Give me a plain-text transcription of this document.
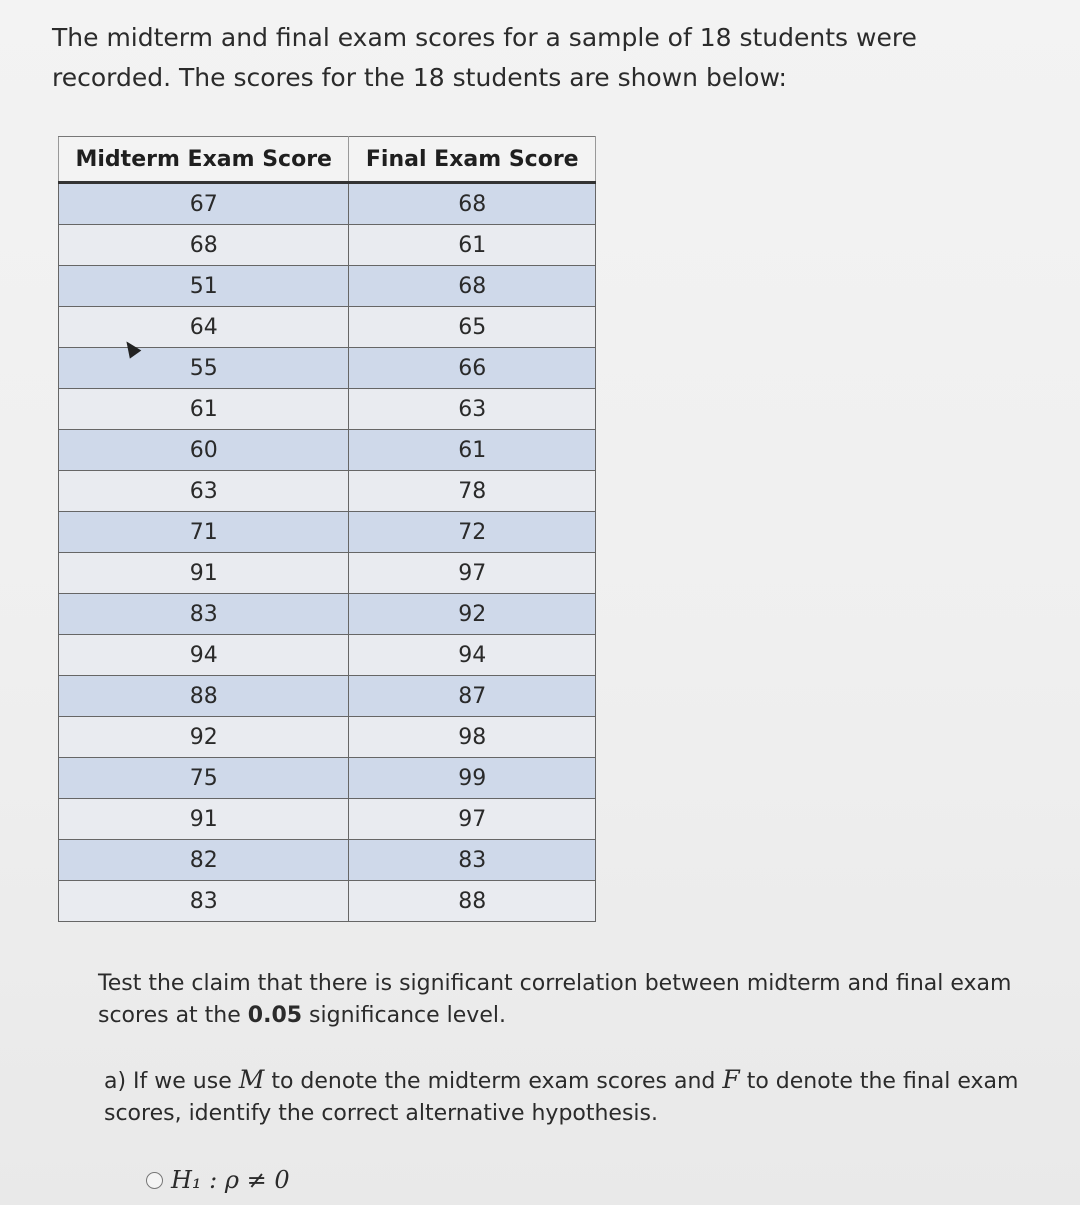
The midterm and final exam scores for a sample of 18 students were recorded. The scores for the 18 students are shown below:

Midterm Exam Score	Final Exam Score
67	68
68	61
51	68
64	65
55	66
61	63
60	61
63	78
71	72
91	97
83	92
94	94
88	87
92	98
75	99
91	97
82	83
83	88

Test the claim that there is significant correlation between midterm and final exam scores at the 0.05 significance level.

a) If we use M to denote the midterm exam scores and F to denote the final exam scores, identify the correct alternative hypothesis.

H₁ : ρ ≠ 0
